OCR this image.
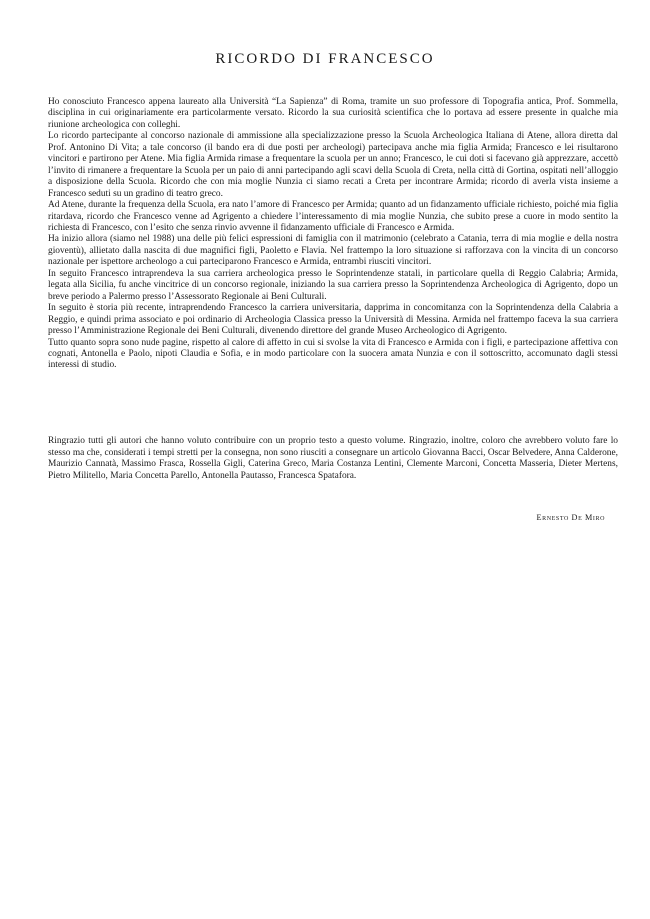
RICORDO DI FRANCESCO

Ho conosciuto Francesco appena laureato alla Università “La Sapienza” di Roma, tramite un suo professore di Topografia antica, Prof. Sommella, disciplina in cui originariamente era particolarmente versato. Ricordo la sua curiosità scientifica che lo portava ad essere presente in qualche mia riunione archeologica con colleghi.

Lo ricordo partecipante al concorso nazionale di ammissione alla specializzazione presso la Scuola Archeologica Italiana di Atene, allora diretta dal Prof. Antonino Di Vita; a tale concorso (il bando era di due posti per archeologi) partecipava anche mia figlia Armida; Francesco e lei risultarono vincitori e partirono per Atene. Mia figlia Armida rimase a frequentare la scuola per un anno; Francesco, le cui doti si facevano già apprezzare, accettò l’invito di rimanere a frequentare la Scuola per un paio di anni partecipando agli scavi della Scuola di Creta, nella città di Gortina, ospitati nell’alloggio a disposizione della Scuola. Ricordo che con mia moglie Nunzia ci siamo recati a Creta per incontrare Armida; ricordo di averla vista insieme a Francesco seduti su un gradino di teatro greco.

Ad Atene, durante la frequenza della Scuola, era nato l’amore di Francesco per Armida; quanto ad un fidanzamento ufficiale richiesto, poiché mia figlia ritardava, ricordo che Francesco venne ad Agrigento a chiedere l’interessamento di mia moglie Nunzia, che subito prese a cuore in modo sentito la richiesta di Francesco, con l’esito che senza rinvio avvenne il fidanzamento ufficiale di Francesco e Armida.

Ha inizio allora (siamo nel 1988) una delle più felici espressioni di famiglia con il matrimonio (celebrato a Catania, terra di mia moglie e della nostra gioventù), allietato dalla nascita di due magnifici figli, Paoletto e Flavia. Nel frattempo la loro situazione si rafforzava con la vincita di un concorso nazionale per ispettore archeologo a cui parteciparono Francesco e Armida, entrambi riusciti vincitori.

In seguito Francesco intraprendeva la sua carriera archeologica presso le Soprintendenze statali, in particolare quella di Reggio Calabria; Armida, legata alla Sicilia, fu anche vincitrice di un concorso regionale, iniziando la sua carriera presso la Soprintendenza Archeologica di Agrigento, dopo un breve periodo a Palermo presso l’Assessorato Regionale ai Beni Culturali.

In seguito è storia più recente, intraprendendo Francesco la carriera universitaria, dapprima in concomitanza con la Soprintendenza della Calabria a Reggio, e quindi prima associato e poi ordinario di Archeologia Classica presso la Università di Messina. Armida nel frattempo faceva la sua carriera presso l’Amministrazione Regionale dei Beni Culturali, divenendo direttore del grande Museo Archeologico di Agrigento.

Tutto quanto sopra sono nude pagine, rispetto al calore di affetto in cui si svolse la vita di Francesco e Armida con i figli, e partecipazione affettiva con cognati, Antonella e Paolo, nipoti Claudia e Sofia, e in modo particolare con la suocera amata Nunzia e con il sottoscritto, accomunato dagli stessi interessi di studio.

Ringrazio tutti gli autori che hanno voluto contribuire con un proprio testo a questo volume. Ringrazio, inoltre, coloro che avrebbero voluto fare lo stesso ma che, considerati i tempi stretti per la consegna, non sono riusciti a consegnare un articolo Giovanna Bacci, Oscar Belvedere, Anna Calderone, Maurizio Cannatà, Massimo Frasca, Rossella Gigli, Caterina Greco, Maria Costanza Lentini, Clemente Marconi, Concetta Masseria, Dieter Mertens, Pietro Militello, Maria Concetta Parello, Antonella Pautasso, Francesca Spatafora.

Ernesto De Miro
